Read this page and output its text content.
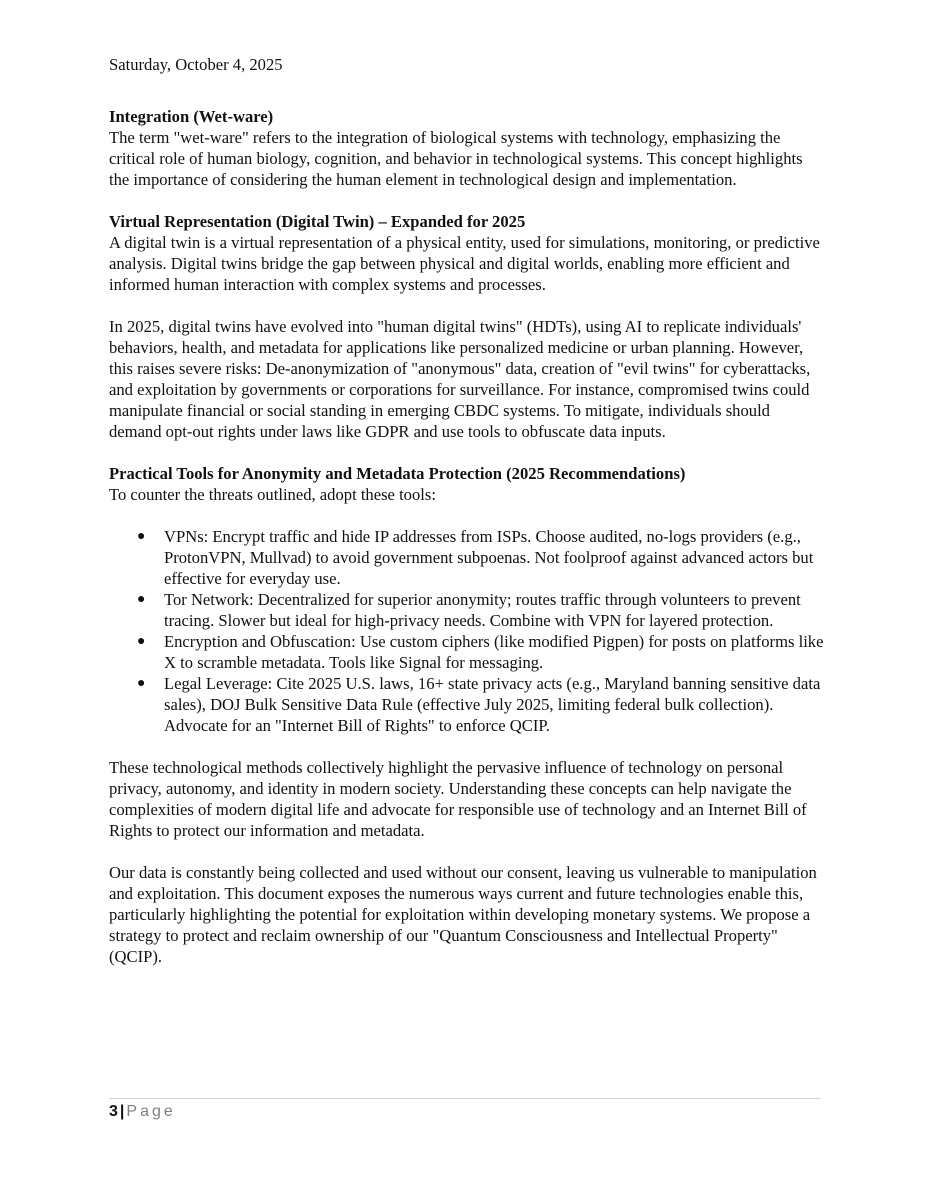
Saturday, October 4, 2025

Integration (Wet-ware)

The term "wet-ware" refers to the integration of biological systems with technology, emphasizing the critical role of human biology, cognition, and behavior in technological systems. This concept highlights the importance of considering the human element in technological design and implementation.

Virtual Representation (Digital Twin) – Expanded for 2025

A digital twin is a virtual representation of a physical entity, used for simulations, monitoring, or predictive analysis. Digital twins bridge the gap between physical and digital worlds, enabling more efficient and informed human interaction with complex systems and processes.

In 2025, digital twins have evolved into "human digital twins" (HDTs), using AI to replicate individuals' behaviors, health, and metadata for applications like personalized medicine or urban planning. However, this raises severe risks: De-anonymization of "anonymous" data, creation of "evil twins" for cyberattacks, and exploitation by governments or corporations for surveillance. For instance, compromised twins could manipulate financial or social standing in emerging CBDC systems. To mitigate, individuals should demand opt-out rights under laws like GDPR and use tools to obfuscate data inputs.

Practical Tools for Anonymity and Metadata Protection (2025 Recommendations)

To counter the threats outlined, adopt these tools:

● VPNs: Encrypt traffic and hide IP addresses from ISPs. Choose audited, no-logs providers (e.g., ProtonVPN, Mullvad) to avoid government subpoenas. Not foolproof against advanced actors but effective for everyday use.
● Tor Network: Decentralized for superior anonymity; routes traffic through volunteers to prevent tracing. Slower but ideal for high-privacy needs. Combine with VPN for layered protection.
● Encryption and Obfuscation: Use custom ciphers (like modified Pigpen) for posts on platforms like X to scramble metadata. Tools like Signal for messaging.
● Legal Leverage: Cite 2025 U.S. laws, 16+ state privacy acts (e.g., Maryland banning sensitive data sales), DOJ Bulk Sensitive Data Rule (effective July 2025, limiting federal bulk collection). Advocate for an "Internet Bill of Rights" to enforce QCIP.

These technological methods collectively highlight the pervasive influence of technology on personal privacy, autonomy, and identity in modern society. Understanding these concepts can help navigate the complexities of modern digital life and advocate for responsible use of technology and an Internet Bill of Rights to protect our information and metadata.

Our data is constantly being collected and used without our consent, leaving us vulnerable to manipulation and exploitation. This document exposes the numerous ways current and future technologies enable this, particularly highlighting the potential for exploitation within developing monetary systems. We propose a strategy to protect and reclaim ownership of our "Quantum Consciousness and Intellectual Property" (QCIP).

3 | Page
